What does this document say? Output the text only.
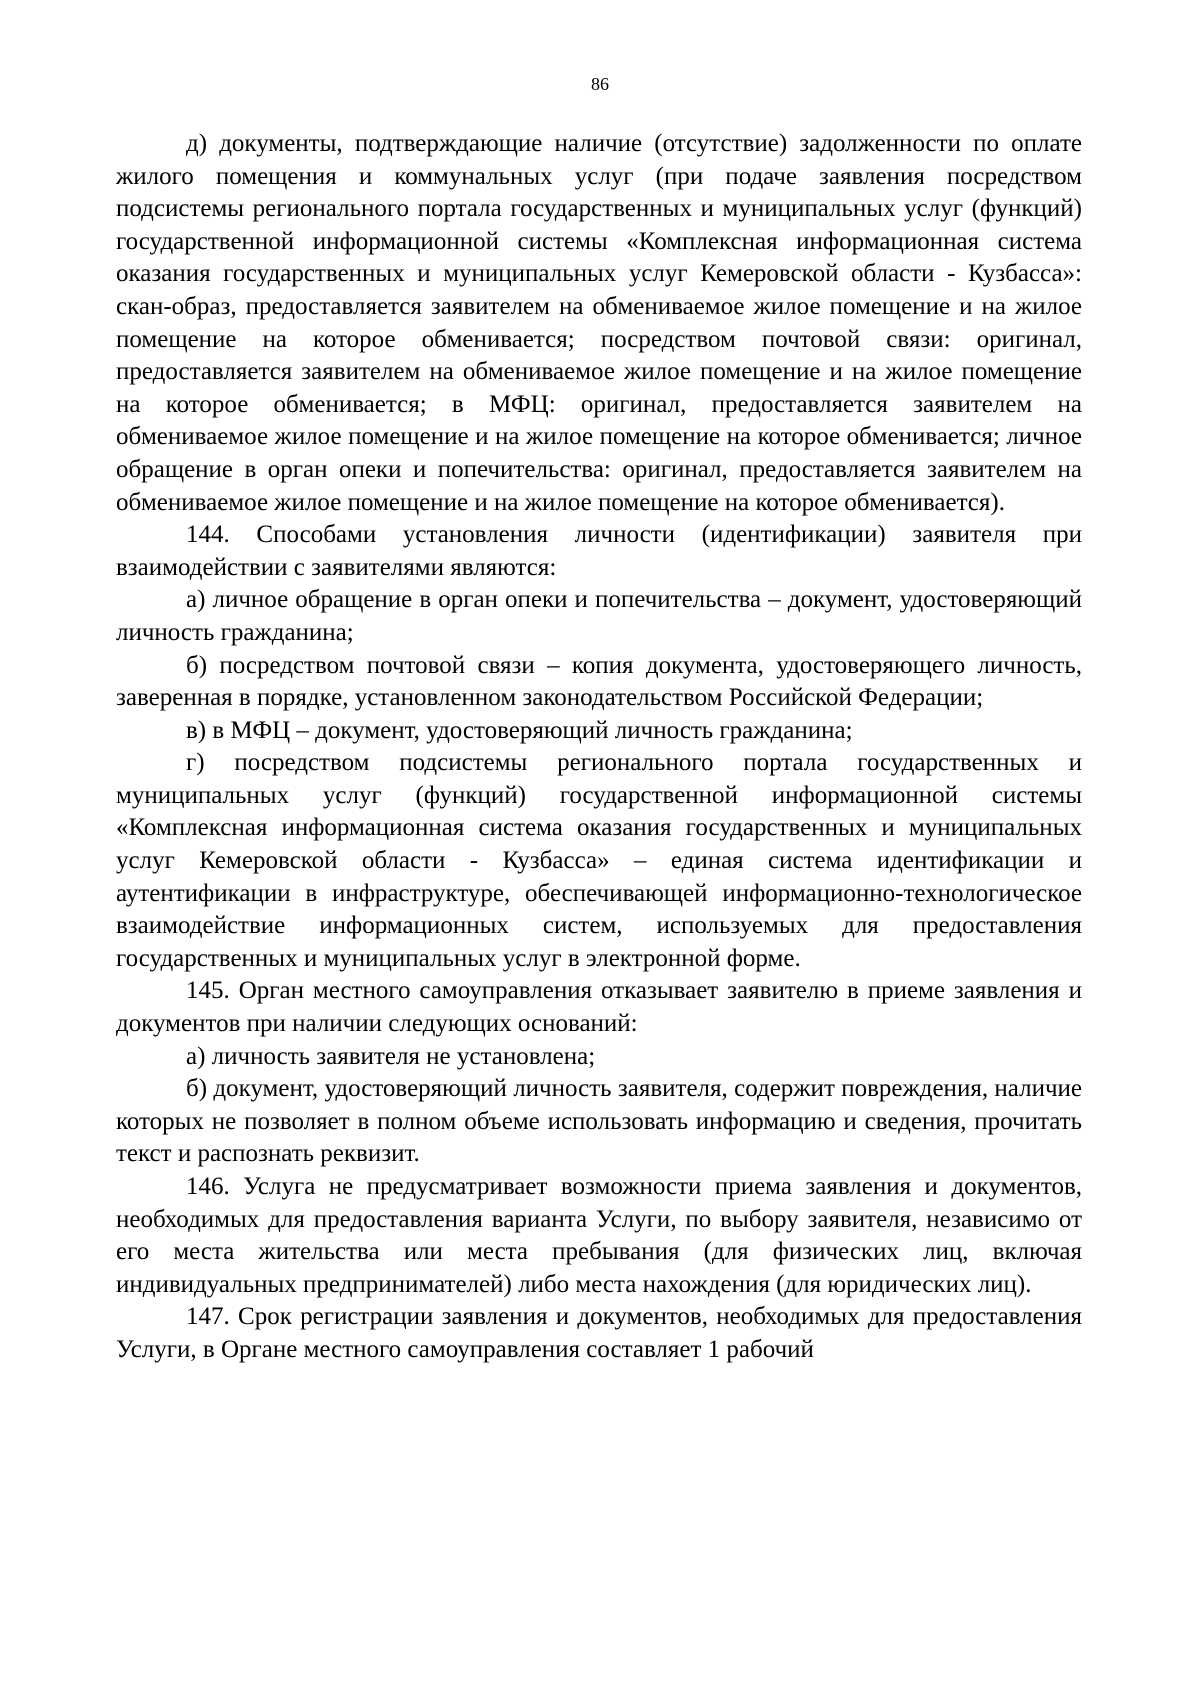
86

д) документы, подтверждающие наличие (отсутствие) задолженности по оплате жилого помещения и коммунальных услуг (при подаче заявления посредством подсистемы регионального портала государственных и муниципальных услуг (функций) государственной информационной системы «Комплексная информационная система оказания государственных и муниципальных услуг Кемеровской области - Кузбасса»: скан-образ, предоставляется заявителем на обмениваемое жилое помещение и на жилое помещение на которое обменивается; посредством почтовой связи: оригинал, предоставляется заявителем на обмениваемое жилое помещение и на жилое помещение на которое обменивается; в МФЦ: оригинал, предоставляется заявителем на обмениваемое жилое помещение и на жилое помещение на которое обменивается; личное обращение в орган опеки и попечительства: оригинал, предоставляется заявителем на обмениваемое жилое помещение и на жилое помещение на которое обменивается).

144. Способами установления личности (идентификации) заявителя при взаимодействии с заявителями являются:

а) личное обращение в орган опеки и попечительства – документ, удостоверяющий личность гражданина;

б) посредством почтовой связи – копия документа, удостоверяющего личность, заверенная в порядке, установленном законодательством Российской Федерации;

в) в МФЦ – документ, удостоверяющий личность гражданина;

г) посредством подсистемы регионального портала государственных и муниципальных услуг (функций) государственной информационной системы «Комплексная информационная система оказания государственных и муниципальных услуг Кемеровской области - Кузбасса» – единая система идентификации и аутентификации в инфраструктуре, обеспечивающей информационно-технологическое взаимодействие информационных систем, используемых для предоставления государственных и муниципальных услуг в электронной форме.

145. Орган местного самоуправления отказывает заявителю в приеме заявления и документов при наличии следующих оснований:

а) личность заявителя не установлена;

б) документ, удостоверяющий личность заявителя, содержит повреждения, наличие которых не позволяет в полном объеме использовать информацию и сведения, прочитать текст и распознать реквизит.

146. Услуга не предусматривает возможности приема заявления и документов, необходимых для предоставления варианта Услуги, по выбору заявителя, независимо от его места жительства или места пребывания (для физических лиц, включая индивидуальных предпринимателей) либо места нахождения (для юридических лиц).

147. Срок регистрации заявления и документов, необходимых для предоставления Услуги, в Органе местного самоуправления составляет 1 рабочий
